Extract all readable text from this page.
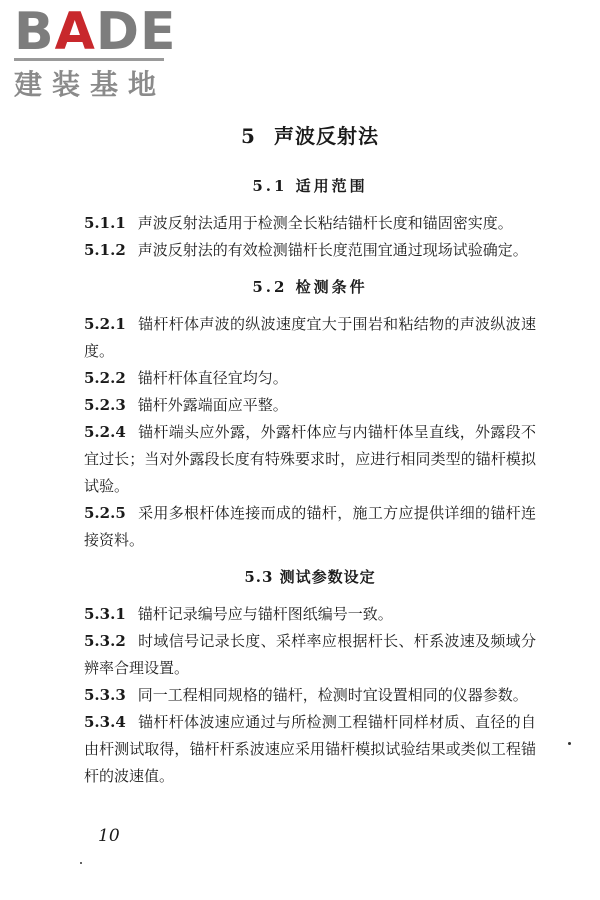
BADE
建装基地
5 声波反射法
5.1 适用范围

5.1.1 声波反射法适用于检测全长粘结锚杆长度和锚固密实度。

5.1.2 声波反射法的有效检测锚杆长度范围宜通过现场试验确定。

5.2 检测条件

5.2.1 锚杆杆体声波的纵波速度宜大于围岩和粘结物的声波纵波速度。

5.2.2 锚杆杆体直径宜均匀。

5.2.3 锚杆外露端面应平整。

5.2.4 锚杆端头应外露，外露杆体应与内锚杆体呈直线，外露段不宜过长；当对外露段长度有特殊要求时，应进行相同类型的锚杆模拟试验。

5.2.5 采用多根杆体连接而成的锚杆，施工方应提供详细的锚杆连接资料。

5.3 测试参数设定

5.3.1 锚杆记录编号应与锚杆图纸编号一致。

5.3.2 时域信号记录长度、采样率应根据杆长、杆系波速及频域分辨率合理设置。

5.3.3 同一工程相同规格的锚杆，检测时宜设置相同的仪器参数。

5.3.4 锚杆杆体波速应通过与所检测工程锚杆同样材质、直径的自由杆测试取得，锚杆杆系波速应采用锚杆模拟试验结果或类似工程锚杆的波速值。

10
